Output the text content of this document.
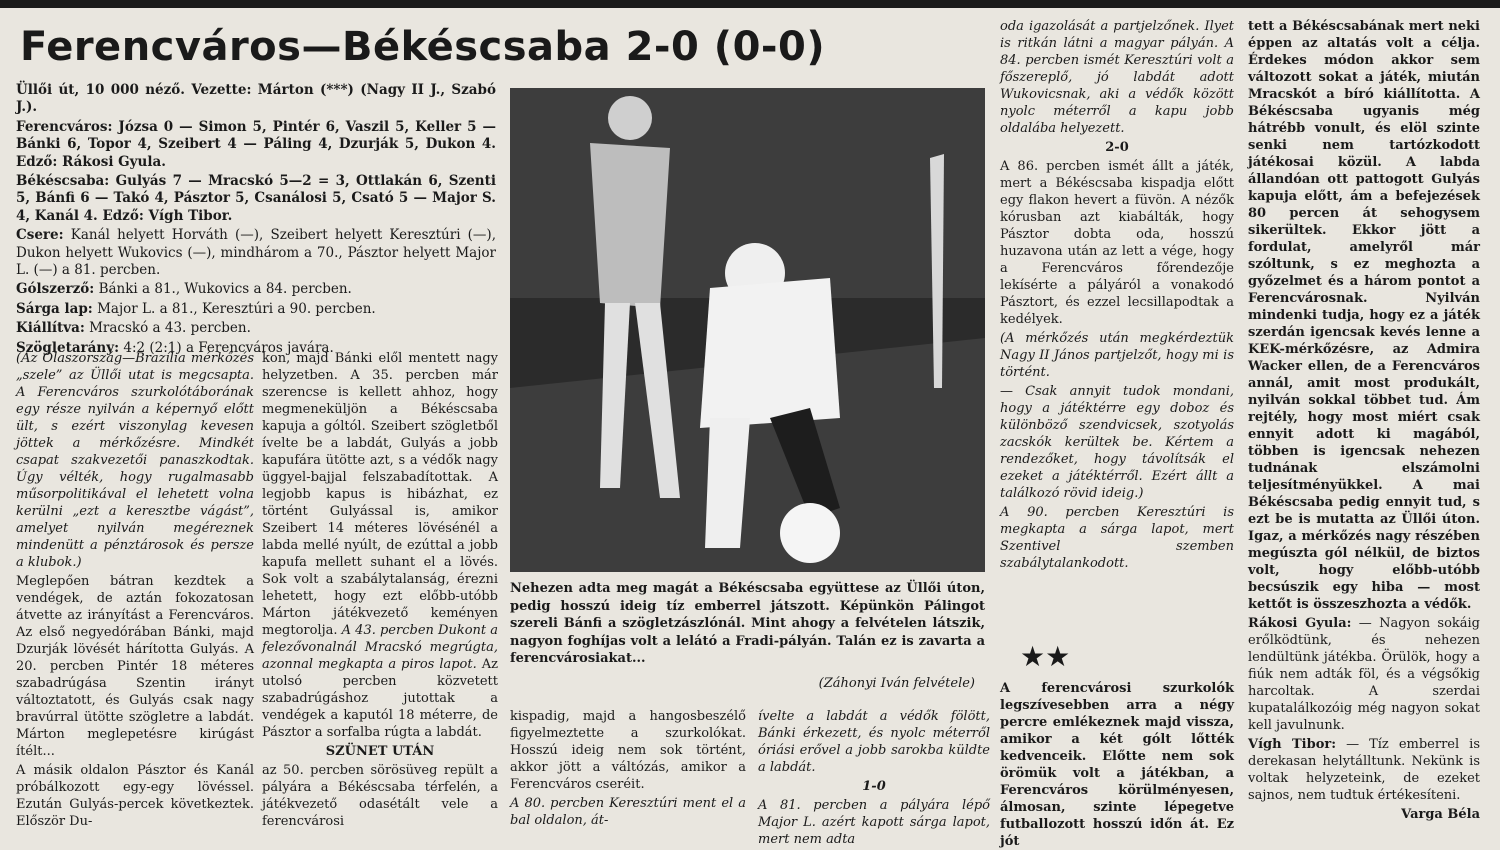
Ferencváros—Békéscsaba 2-0 (0-0)

Üllői út, 10 000 néző. Vezette: Márton (***) (Nagy II J., Szabó J.).

Ferencváros: Józsa 0 — Simon 5, Pintér 6, Vaszil 5, Keller 5 — Bánki 6, Topor 4, Szeibert 4 — Páling 4, Dzurják 5, Dukon 4. Edző: Rákosi Gyula.

Békéscsaba: Gulyás 7 — Mracskó 5—2 = 3, Ottlakán 6, Szenti 5, Bánfi 6 — Takó 4, Pásztor 5, Csanálosi 5, Csató 5 — Major S. 4, Kanál 4. Edző: Vígh Tibor.

Csere: Kanál helyett Horváth (—), Szeibert helyett Keresztúri (—), Dukon helyett Wukovics (—), mindhárom a 70., Pásztor helyett Major L. (—) a 81. percben.

Gólszerző: Bánki a 81., Wukovics a 84. percben.

Sárga lap: Major L. a 81., Keresztúri a 90. percben.

Kiállítva: Mracskó a 43. percben.

Szögletarány: 4:2 (2:1) a Ferencváros javára.

(Az Olaszország—Brazília mérkőzés „szele” az Üllői utat is megcsapta. A Ferencváros szurkolótáborának egy része nyilván a képernyő előtt ült, s ezért viszonylag kevesen jöttek a mérkőzésre. Mindkét csapat szakvezetői panaszkodtak. Úgy vélték, hogy rugalmasabb műsorpolitikával el lehetett volna kerülni „ezt a keresztbe vágást”, amelyet nyilván megéreznek mindenütt a pénztárosok és persze a klubok.)

Meglepően bátran kezdtek a vendégek, de aztán fokozatosan átvette az irányítást a Ferencváros. Az első negyedórában Bánki, majd Dzurják lövését hárította Gulyás. A 20. percben Pintér 18 méteres szabadrúgása Szentin irányt változtatott, és Gulyás csak nagy bravúrral ütötte szögletre a labdát. Márton meglepetésre kirúgást ítélt...

A másik oldalon Pásztor és Kanál próbálkozott egy-egy lövéssel. Ezután Gulyás-percek következtek. Először Du-

kon, majd Bánki elől mentett nagy helyzetben. A 35. percben már szerencse is kellett ahhoz, hogy megmeneküljön a Békéscsaba kapuja a góltól. Szeibert szögletből ívelte be a labdát, Gulyás a jobb kapufára ütötte azt, s a védők nagy üggyel-bajjal felszabadítottak. A legjobb kapus is hibázhat, ez történt Gulyással is, amikor Szeibert 14 méteres lövésénél a labda mellé nyúlt, de ezúttal a jobb kapufa mellett suhant el a lövés. Sok volt a szabálytalanság, érezni lehetett, hogy ezt előbb-utóbb Márton játékvezető keményen megtorolja. A 43. percben Dukont a felezővonalnál Mracskó megrúgta, azonnal megkapta a piros lapot. Az utolsó percben közvetett szabadrúgáshoz jutottak a vendégek a kaputól 18 méterre, de Pásztor a sorfalba rúgta a labdát.

SZÜNET UTÁN

az 50. percben sörösüveg repült a pályára a Békéscsaba térfelén, a játékvezető odasétált vele a ferencvárosi

Nehezen adta meg magát a Békéscsaba együttese az Üllői úton, pedig hosszú ideig tíz emberrel játszott. Képünkön Pálingot szereli Bánfi a szögletzászlónál. Mint ahogy a felvételen látszik, nagyon foghíjas volt a lelátó a Fradi-pályán. Talán ez is zavarta a ferencvárosiakat...
(Záhonyi Iván felvétele)

kispadig, majd a hangosbeszélő figyelmeztette a szurkolókat. Hosszú ideig nem sok történt, akkor jött a váltózás, amikor a Ferencváros cseréit.

A 80. percben Keresztúri ment el a bal oldalon, át-

ívelte a labdát a védők fölött, Bánki érkezett, és nyolc méterről óriási erővel a jobb sarokba küldte a labdát.

1-0

A 81. percben a pályára lépő Major L. azért kapott sárga lapot, mert nem adta

oda igazolását a partjelzőnek. Ilyet is ritkán látni a magyar pályán. A 84. percben ismét Keresztúri volt a főszereplő, jó labdát adott Wukovicsnak, aki a védők között nyolc méterről a kapu jobb oldalába helyezett.

2-0

A 86. percben ismét állt a játék, mert a Békéscsaba kispadja előtt egy flakon hevert a füvön. A nézők kórusban azt kiabálták, hogy Pásztor dobta oda, hosszú huzavona után az lett a vége, hogy a Ferencváros főrendezője lekísérte a pályáról a vonakodó Pásztort, és ezzel lecsillapodtak a kedélyek.

(A mérkőzés után megkérdeztük Nagy II János partjelzőt, hogy mi is történt.

— Csak annyit tudok mondani, hogy a játéktérre egy doboz és különböző szendvicsek, szotyolás zacskók kerültek be. Kértem a rendezőket, hogy távolítsák el ezeket a játéktérről. Ezért állt a találkozó rövid ideig.)

A 90. percben Keresztúri is megkapta a sárga lapot, mert Szentivel szemben szabálytalankodott.

★★

A ferencvárosi szurkolók legszívesebben arra a négy percre emlékeznek majd vissza, amikor a két gólt lőtték kedvenceik. Előtte nem sok örömük volt a játékban, a Ferencváros körülményesen, álmosan, szinte lépegetve futballozott hosszú időn át. Ez jót

tett a Békéscsabának mert neki éppen az altatás volt a célja. Érdekes módon akkor sem változott sokat a játék, miután Mracskót a bíró kiállította. A Békéscsaba ugyanis még hátrébb vonult, és elöl szinte senki nem tartózkodott játékosai közül. A labda állandóan ott pattogott Gulyás kapuja előtt, ám a befejezések 80 percen át sehogysem sikerültek. Ekkor jött a fordulat, amelyről már szóltunk, s ez meghozta a győzelmet és a három pontot a Ferencvárosnak. Nyilván mindenki tudja, hogy ez a játék szerdán igencsak kevés lenne a KEK-mérkőzésre, az Admira Wacker ellen, de a Ferencváros annál, amit most produkált, nyilván sokkal többet tud. Ám rejtély, hogy most miért csak ennyit adott ki magából, többen is igencsak nehezen tudnának elszámolni teljesítményükkel. A mai Békéscsaba pedig ennyit tud, s ezt be is mutatta az Üllői úton. Igaz, a mérkőzés nagy részében megúszta gól nélkül, de biztos volt, hogy előbb-utóbb becsúszik egy hiba — most kettőt is összeszhozta a védők.

Rákosi Gyula: — Nagyon sokáig erőlködtünk, és nehezen lendültünk játékba. Örülök, hogy a fiúk nem adták föl, és a végsőkig harcoltak. A szerdai kupatalálkozóig még nagyon sokat kell javulnunk.

Vígh Tibor: — Tíz emberrel is derekasan helytálltunk. Nekünk is voltak helyzeteink, de ezeket sajnos, nem tudtuk értékesíteni.

Varga Béla
